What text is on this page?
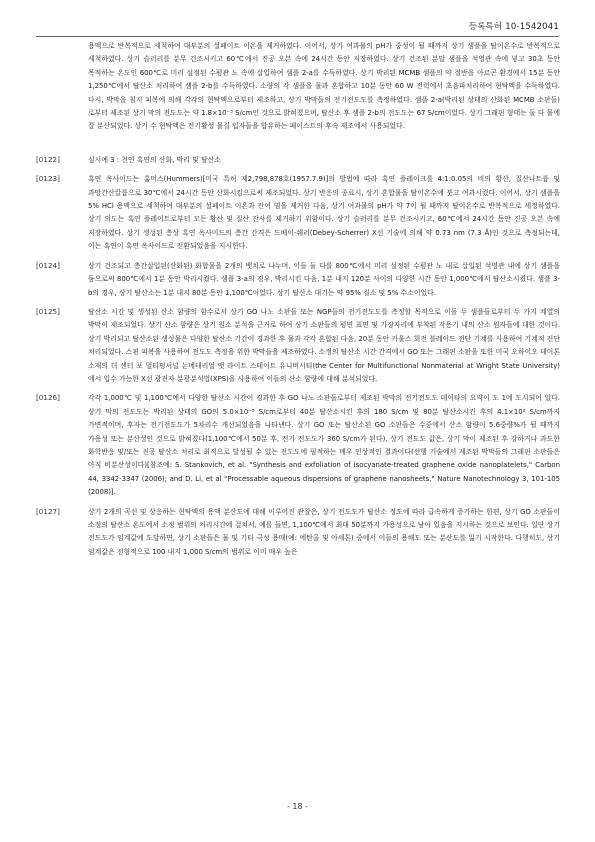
등록특허 10-1542041
용액으로 반복적으로 세척하여 대부분의 설페이트 이온을 제거하였다. 이어서, 상기 여과물의 pH가 중성이 될 때까지 상기 샘플을 탈이온수로 반복적으로 세척하였다. 상기 슬러리를 분무 건조시키고 60℃에서 진공 오븐 속에 24시간 동안 저장하였다. 상기 건조된 분말 샘플을 석영관 속에 넣고 30초 동안 목적하는 온도인 600℃로 미리 설정된 수평관 노 속에 삽입하여 샘플 2-a를 수득하였다. 상기 박리된 MCMB 샘플의 약 절반을 아르곤 환경에서 15분 동안 1,250℃에서 탈산소 처리하여 샘플 2-b를 수득하였다. 소량의 각 샘플을 물과 혼합하고 10분 동안 60 W 전력에서 초음파처리하여 현탁액을 수득하였다. 다시, 박막을 침지 피복에 의해 각각의 현탁액으로부터 제조하고, 상기 박막들의 전기전도도를 측정하였다. 샘플 2-a(박리된 상태의 산화된 MCMB 소판들)로부터 제조된 상기 막의 전도도는 약 1.8×10⁻⁵ S/cm인 것으로 밝혀졌으며, 탈산소 후 샘플 2-b의 전도도는 67 S/cm이었다. 상기 그래핀 형태는 둘 다 물에 잘 분산되었다. 상기 수 현탁액은 전기활성 물질 입자들을 합유하는 페이스트의 후속 제조에서 사용되었다.
[0122]	실시예 3 : 천연 흑연의 산화, 박리 및 탈산소
[0123]	흑연 옥사이드는 훔머스(Hummers)[미국 특허 제2,798,878호(1957.7.9)]의 방법에 따라 흑연 플레이크를 4:1:0.05의 비의 황산, 질산나트륨 및 과망간산칼륨으로 30℃에서 24시간 동안 산화시킴으로써 제조되었다. 상기 반응의 종료시, 상기 혼합물을 탈이온수에 붓고 여과시켰다. 이어서, 상기 샘플을 5% HCl 용액으로 세척하여 대부분의 설페이트 이온과 잔여 염을 제거한 다음, 상기 여과물의 pH가 약 7이 될 때까지 탈이온수로 반복적으로 세정하였다. 상기 의도는 흑연 플레이트로부터 모든 황산 및 질산 잔사를 제거하기 위함이다. 상기 슬러리를 분무 건조시키고, 60℃에서 24시간 동안 진공 오븐 속에 저장하였다. 상기 생성된 층상 흑연 옥사이드의 층간 간격은 드베이-쉐러(Debey-Scherrer) X선 기술에 의해 약 0.73 nm (7.3 Å)인 것으로 측정되는데, 이는 흑연이 흑연 옥사이드로 전환되었음을 지시한다.
[0124]	상기 건조되고 층간삽입된(산화된) 화합물을 2개의 뱃치로 나누며, 이들 둘 다를 800℃에서 미리 설정된 수평관 노 내로 삽입된 석영관 내에 상기 샘플을 둠으로써 800℃에서 1분 동안 박리시켰다. 샘플 3-a의 경우, 박리시킨 다음, 1분 내지 120분 사이의 다양한 시간 동안 1,000℃에서 탈산소시켰다. 샘플 3-b의 경우, 상기 탈산소는 1분 내지 80분 동안 1,100℃이었다. 상기 탈산소 대기는 약 95% 질소 및 5% 수소이었다.
[0125]	탈산소 시간 및 생성된 산소 함량의 함수로서 상기 GO 나노 소판들 또는 NGP들의 전기전도도를 측정할 목적으로 이들 두 샘플들로부터 두 가지 계열의 박막이 제조되었다. 상기 산소 함량은 상기 원소 분석을 근거로 하여 상기 소판들의 평면 표면 및 가장자리에 부착된 작용기 내의 산소 원자들에 대한 것이다. 상기 박리되고 탈산소된 생성물은 다양한 탈산소 기간이 경과한 후 물과 각각 혼합된 다음, 20분 동안 카울스 회전 블레이드 전단 기계를 사용하여 기계적 전단 처리되었다. 스핀 피복을 사용하여 전도도 측정을 위한 박막들을 제조하였다. 소정의 탈산소 시간 간격에서 GO 또는 그래핀 소판을 또한 미국 오하이오 데이톤 소재의 더 센터 포 멀티펑셔널 논메테리얼 앳 라이트 스테이트 유니버시티(the Center for Multifunctional Nonmaterial at Wright State University)에서 입수 가능한 X선 광전자 분광분석법(XPS)을 사용하여 이들의 산소 함량에 대해 분석되었다.
[0126]	각각 1,000℃ 및 1,100℃에서 다양한 탈산소 시간이 경과한 후 GO 나노 소판들로부터 제조된 박막의 전기전도도 데이타의 요약이 도 1에 도시되어 있다. 상기 막의 전도도는 박리된 상태의 GO의 5.0×10⁻⁵ S/cm로부터 40분 탈산소시킨 후의 180 S/cm 및 80분 탈산소시킨 후의 4.1×10² S/cm까지 가변적이며, 후자는 전기전도도가 5차리수 개선되었음을 나타낸다. 상기 GO 또는 탈산소된 GO 소판들은 수중에서 산소 함량이 5.6중량%가 될 때까지 가용성 또는 분산성인 것으로 밝혀졌다(1,100℃에서 50분 후, 전기 전도도가 360 S/cm가 된다). 상기 전도도 값은, 상기 막이 제조된 후 강하거나 과도한 화학반응 및/또는 진공 탈산소 처리로 최적으로 달성될 수 있는 전도도에 필적하는 매우 인상적인 결과이다(선행 기술에서 제조된 박막들의 그래핀 소판들은 아직 비분산성이다)[참조예: S. Stankovich, et al. "Synthesis and exfoliation of isocyanate-treated graphene oxide nanoplatelets," Carbon 44, 3342-3347 (2006); and D. Li, et al "Processable aqueous dispersions of graphene nanosheets," Nature Nanotechnology 3, 101-105 (2008)].
[0127]	상기 2개의 곡선 및 상응하는 현탁액의 용액 분산도에 대해 이루어진 관찰은, 상기 전도도가 탈산소 정도에 따라 급속하게 증가하는 한편, 상기 GO 소판들이 소정의 탈산소 온도에서 소정 범위의 처리시간에 걸쳐서, 예를 들면, 1,100℃에서 최대 50분까지 가용성으로 남아 있음을 지시하는 것으로 보인다. 일단 상기 전도도가 임계값에 도달하면, 상기 소판들은 물 및 기타 극성 용매(예: 에탄올 및 아세톤) 중에서 이들의 용해도 또는 분산도를 잃기 시작한다. 다행히도, 상기 임계값은 전형적으로 100 내지 1,000 S/cm의 범위로 이미 매우 높은
- 18 -
